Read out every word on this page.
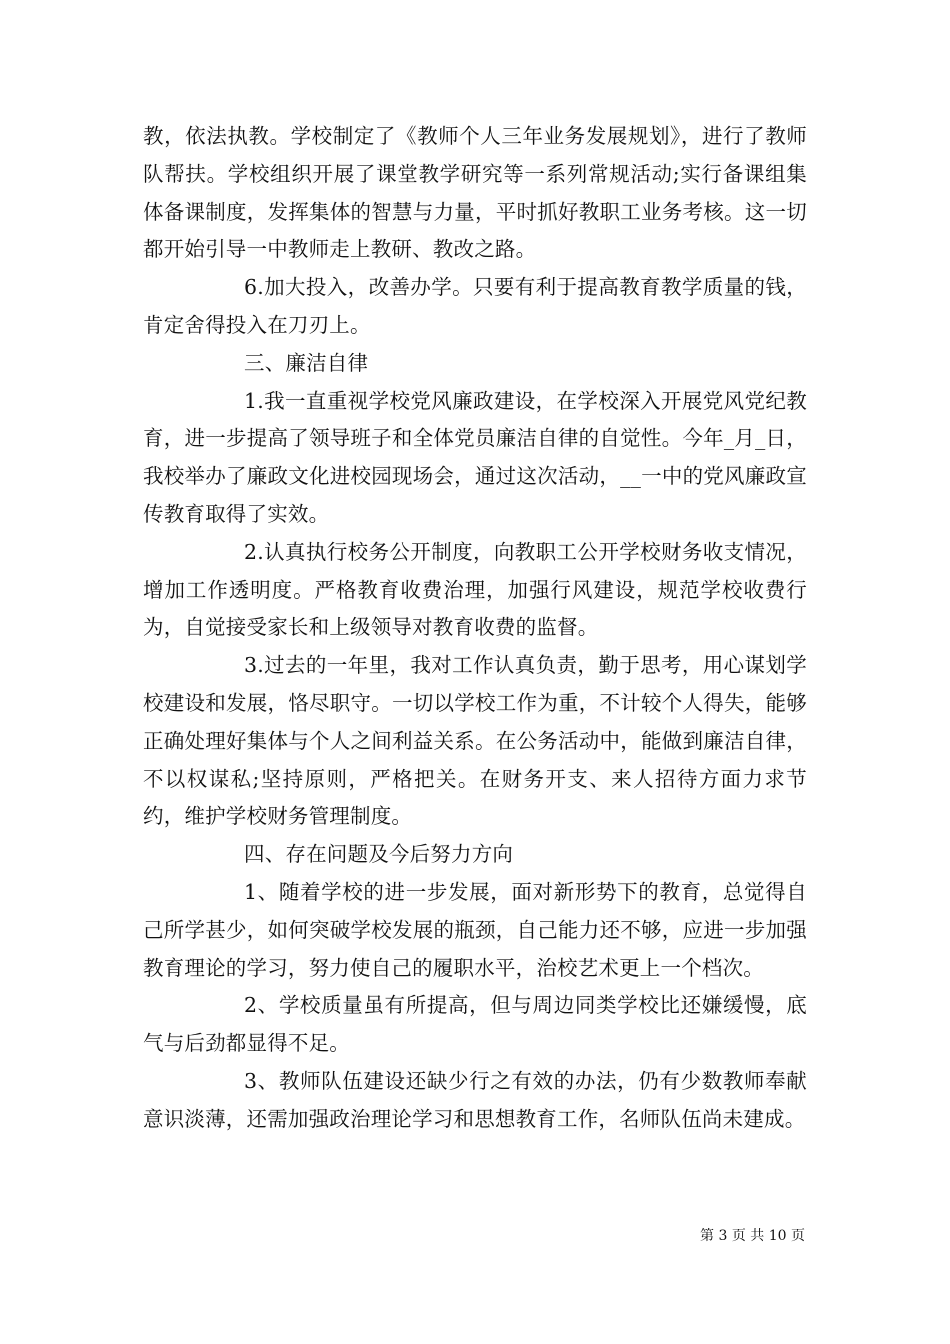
教，依法执教。学校制定了《教师个人三年业务发展规划》，进行了教师队帮扶。学校组织开展了课堂教学研究等一系列常规活动;实行备课组集体备课制度，发挥集体的智慧与力量，平时抓好教职工业务考核。这一切都开始引导一中教师走上教研、教改之路。

6.加大投入，改善办学。只要有利于提高教育教学质量的钱，肯定舍得投入在刀刃上。

三、廉洁自律

1.我一直重视学校党风廉政建设，在学校深入开展党风党纪教育，进一步提高了领导班子和全体党员廉洁自律的自觉性。今年_月_日，我校举办了廉政文化进校园现场会，通过这次活动，__一中的党风廉政宣传教育取得了实效。

2.认真执行校务公开制度，向教职工公开学校财务收支情况，增加工作透明度。严格教育收费治理，加强行风建设，规范学校收费行为，自觉接受家长和上级领导对教育收费的监督。

3.过去的一年里，我对工作认真负责，勤于思考，用心谋划学校建设和发展，恪尽职守。一切以学校工作为重，不计较个人得失，能够正确处理好集体与个人之间利益关系。在公务活动中，能做到廉洁自律，不以权谋私;坚持原则，严格把关。在财务开支、来人招待方面力求节约，维护学校财务管理制度。

四、存在问题及今后努力方向

1、随着学校的进一步发展，面对新形势下的教育，总觉得自己所学甚少，如何突破学校发展的瓶颈，自己能力还不够，应进一步加强教育理论的学习，努力使自己的履职水平，治校艺术更上一个档次。

2、学校质量虽有所提高，但与周边同类学校比还嫌缓慢，底气与后劲都显得不足。

3、教师队伍建设还缺少行之有效的办法，仍有少数教师奉献意识淡薄，还需加强政治理论学习和思想教育工作，名师队伍尚未建成。

第 3 页 共 10 页
